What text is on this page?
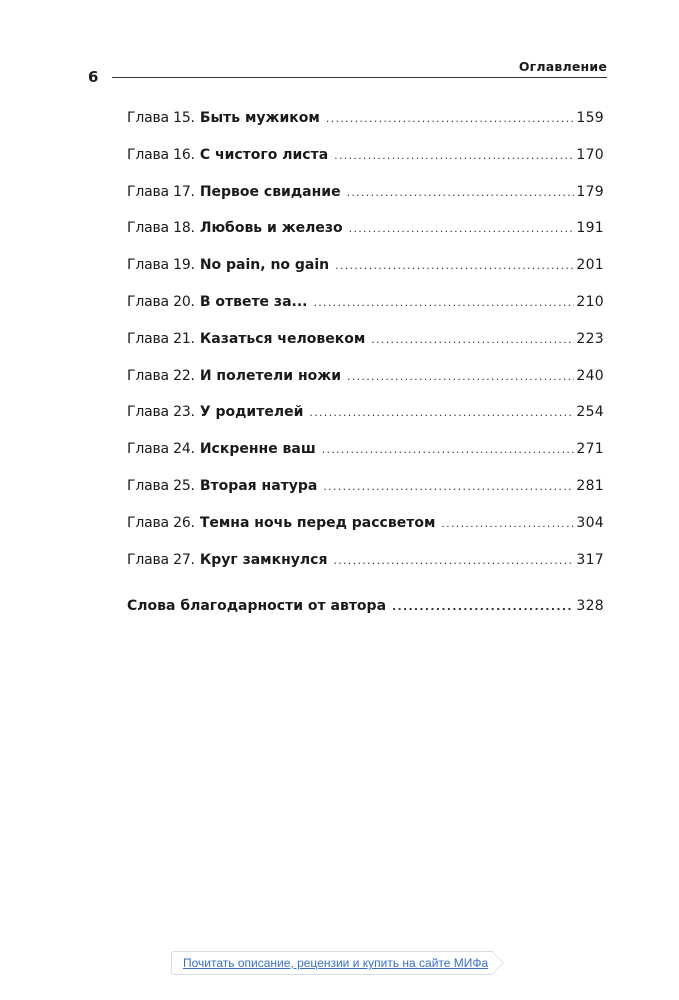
6
Оглавление
Глава 15. Быть мужиком .....	159
Глава 16. С чистого листа .....	170
Глава 17. Первое свидание .....	179
Глава 18. Любовь и железо .....	191
Глава 19. No pain, no gain .....	201
Глава 20. В ответе за... .....	210
Глава 21. Казаться человеком .....	223
Глава 22. И полетели ножи .....	240
Глава 23. У родителей .....	254
Глава 24. Искренне ваш .....	271
Глава 25. Вторая натура .....	281
Глава 26. Темна ночь перед рассветом .....	304
Глава 27. Круг замкнулся .....	317
Слова благодарности от автора .....	328
Почитать описание, рецензии и купить на сайте МИФа
